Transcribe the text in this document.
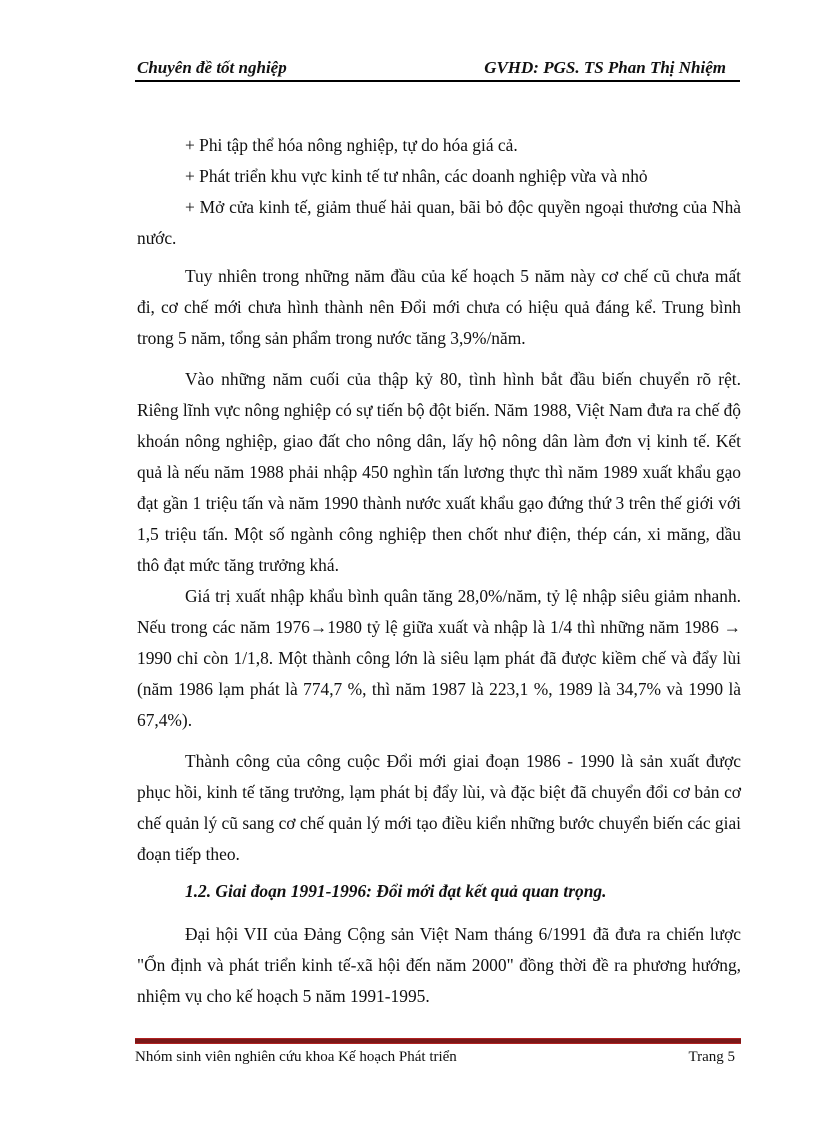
Chuyên đề tốt nghiệp	GVHD: PGS. TS Phan Thị Nhiệm

+ Phi tập thể hóa nông nghiệp, tự do hóa giá cả.

+ Phát triển khu vực kinh tế tư nhân, các doanh nghiệp vừa và nhỏ

+ Mở cửa kinh tế, giảm thuế hải quan, bãi bỏ độc quyền ngoại thương của Nhà nước.

Tuy nhiên trong những năm đầu của kế hoạch 5 năm này cơ chế cũ chưa mất đi, cơ chế mới chưa hình thành nên Đổi mới chưa có hiệu quả đáng kể. Trung bình trong 5 năm, tổng sản phẩm trong nước tăng 3,9%/năm.

Vào những năm cuối của thập kỷ 80, tình hình bắt đầu biến chuyển rõ rệt. Riêng lĩnh vực nông nghiệp có sự tiến bộ đột biến. Năm 1988, Việt Nam đưa ra chế độ khoán nông nghiệp, giao đất cho nông dân, lấy hộ nông dân làm đơn vị kinh tế. Kết quả là nếu năm 1988 phải nhập 450 nghìn tấn lương thực thì năm 1989 xuất khẩu gạo đạt gần 1 triệu tấn và năm 1990 thành nước xuất khẩu gạo đứng thứ 3 trên thế giới với 1,5 triệu tấn. Một số ngành công nghiệp then chốt như điện, thép cán, xi măng, dầu thô đạt mức tăng trưởng khá.

Giá trị xuất nhập khẩu bình quân tăng 28,0%/năm, tỷ lệ nhập siêu giảm nhanh. Nếu trong các năm 1976→1980 tỷ lệ giữa xuất và nhập là 1/4 thì những năm 1986 → 1990 chỉ còn 1/1,8. Một thành công lớn là siêu lạm phát đã được kiềm chế và đẩy lùi (năm 1986 lạm phát là 774,7 %, thì năm 1987 là 223,1 %, 1989 là 34,7% và 1990 là 67,4%).

Thành công của công cuộc Đổi mới giai đoạn 1986 - 1990 là sản xuất được phục hồi, kinh tế tăng trưởng, lạm phát bị đẩy lùi, và đặc biệt đã chuyển đổi cơ bản cơ chế quản lý cũ sang cơ chế quản lý mới tạo điều kiển những bước chuyển biến các giai đoạn tiếp theo.

1.2. Giai đoạn 1991-1996: Đổi mới đạt kết quả quan trọng.

Đại hội VII của Đảng Cộng sản Việt Nam tháng 6/1991 đã đưa ra chiến lược "Ổn định và phát triển kinh tế-xã hội đến năm 2000" đồng thời đề ra phương hướng, nhiệm vụ cho kế hoạch 5 năm 1991-1995.

Nhóm sinh viên nghiên cứu khoa Kế hoạch Phát triển	Trang 5
